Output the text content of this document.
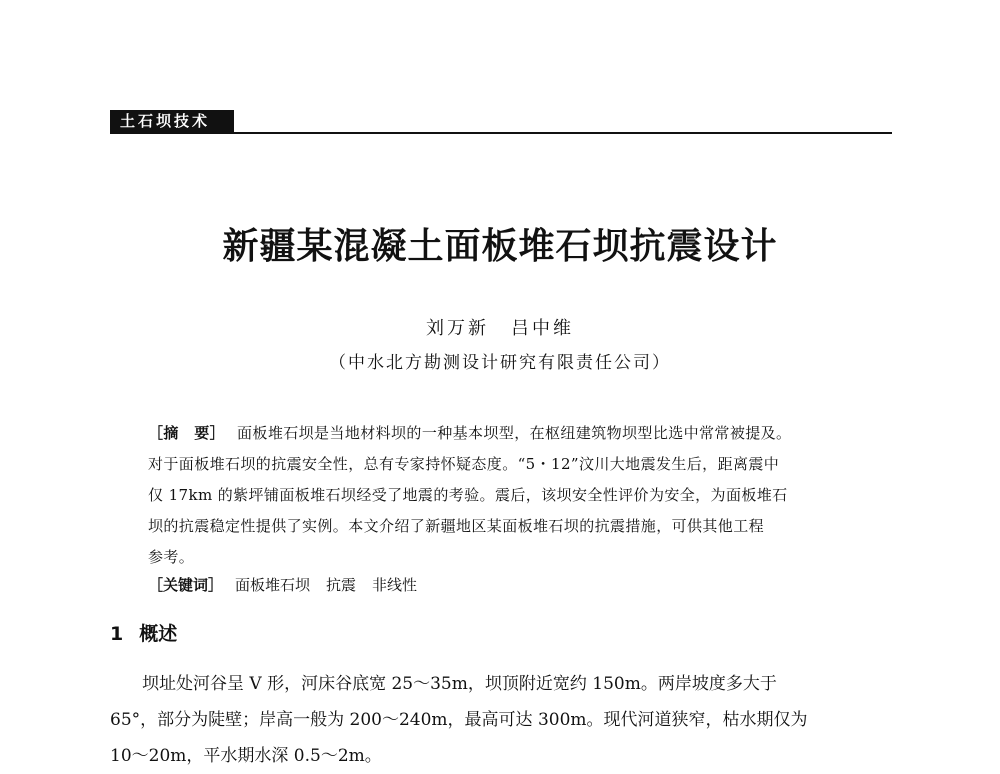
土石坝技术
新疆某混凝土面板堆石坝抗震设计
刘万新 吕中维
（中水北方勘测设计研究有限责任公司）
［摘　要］ 面板堆石坝是当地材料坝的一种基本坝型，在枢纽建筑物坝型比选中常常被提及。
对于面板堆石坝的抗震安全性，总有专家持怀疑态度。“5・12”汶川大地震发生后，距离震中
仅 17km 的紫坪铺面板堆石坝经受了地震的考验。震后，该坝安全性评价为安全，为面板堆石
坝的抗震稳定性提供了实例。本文介绍了新疆地区某面板堆石坝的抗震措施，可供其他工程
参考。
［关键词］ 面板堆石坝 抗震 非线性
1 概述
坝址处河谷呈 V 形，河床谷底宽 25～35m，坝顶附近宽约 150m。两岸坡度多大于
65°，部分为陡壁；岸高一般为 200～240m，最高可达 300m。现代河道狭窄，枯水期仅为
10～20m，平水期水深 0.5～2m。
